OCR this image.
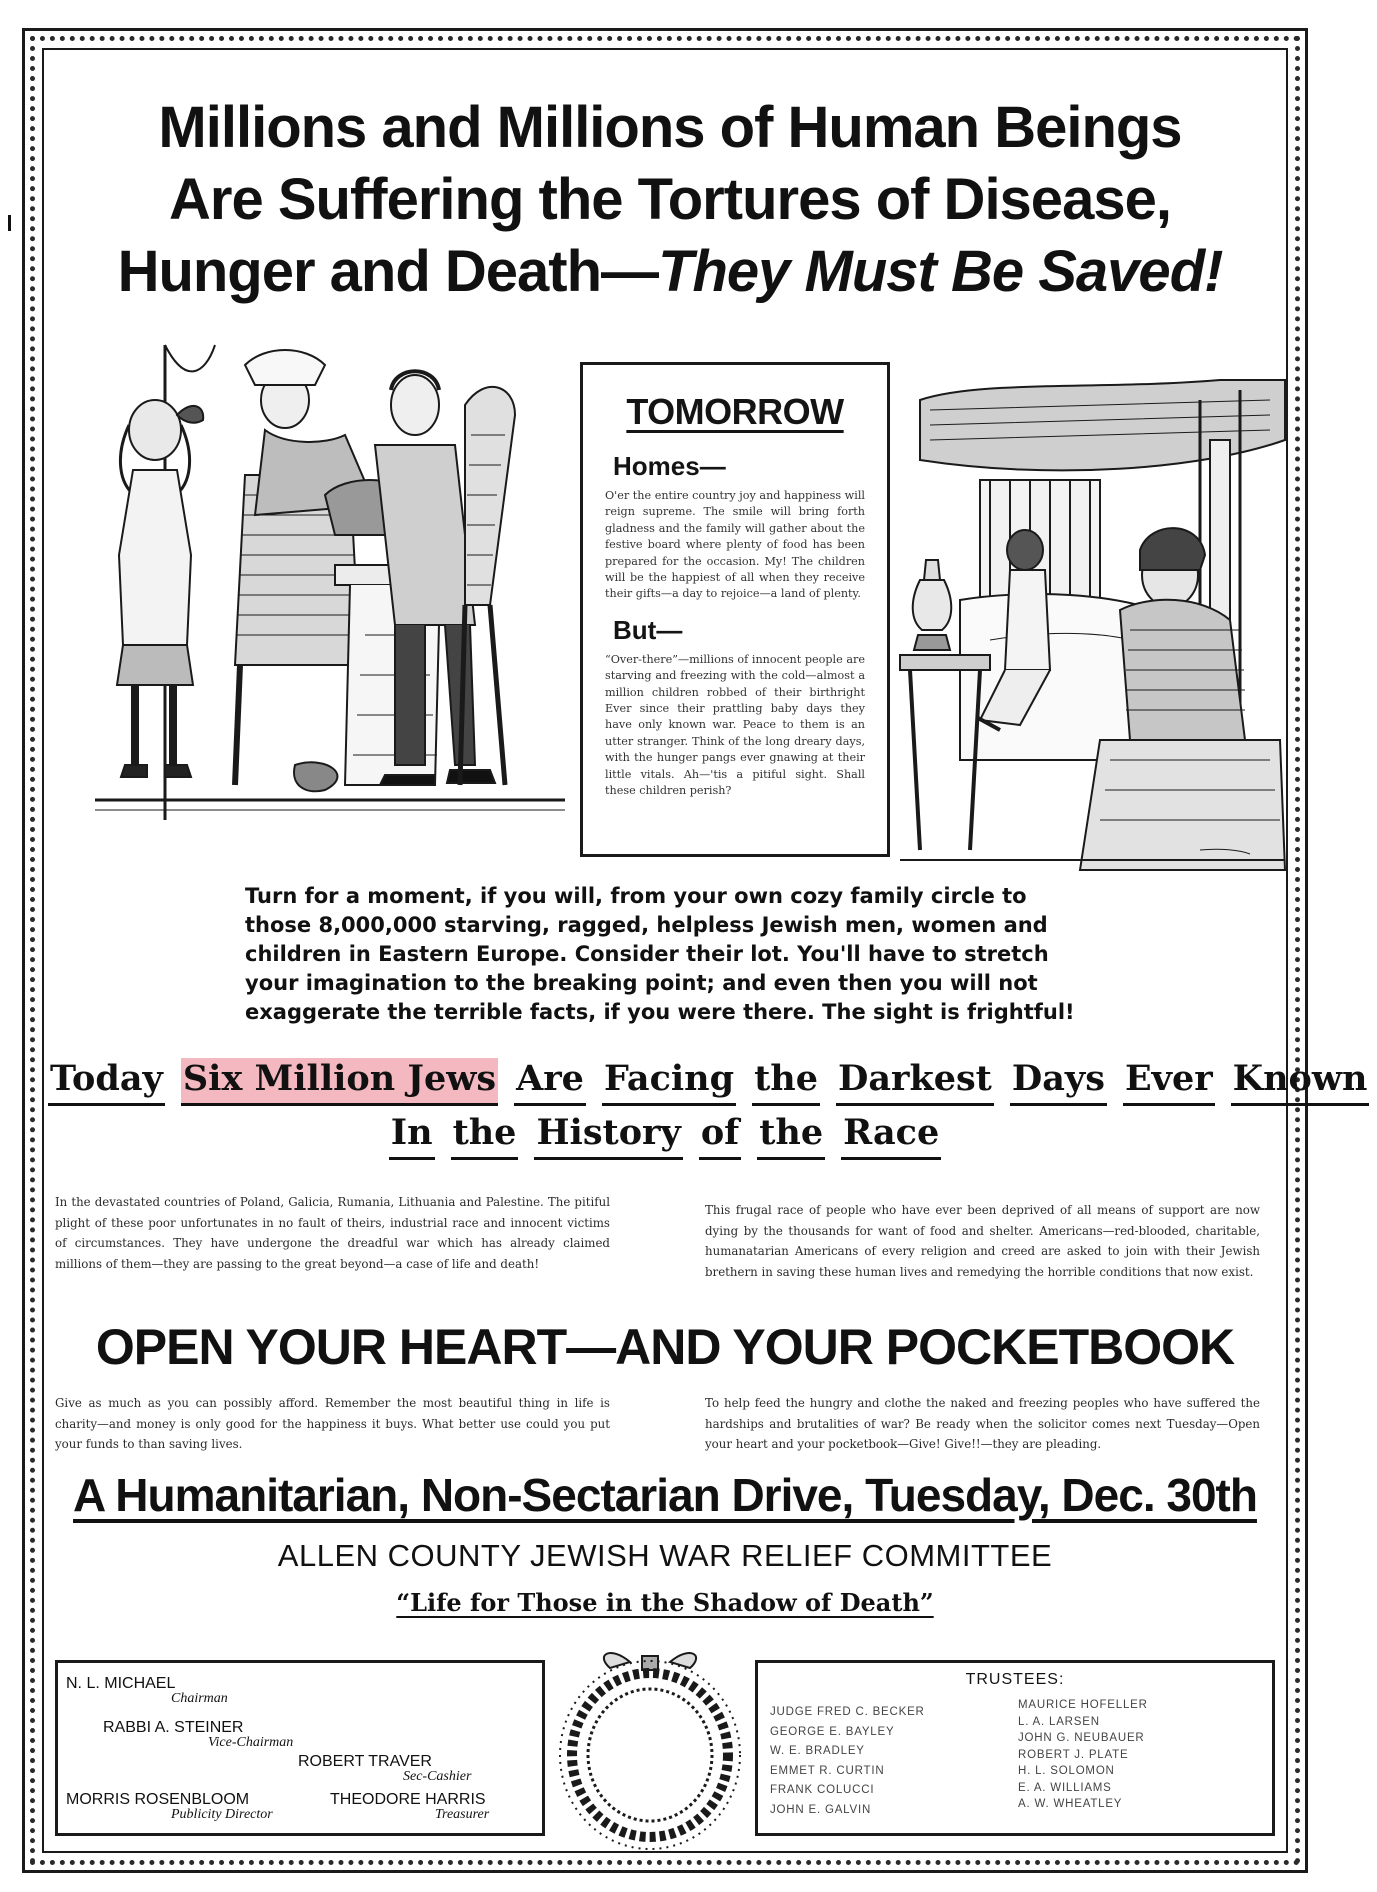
Millions and Millions of Human Beings
Are Suffering the Tortures of Disease,
Hunger and Death—They Must Be Saved!
TOMORROW
Homes—

O'er the entire country joy and happiness will reign supreme. The smile will bring forth gladness and the family will gather about the festive board where plenty of food has been prepared for the occasion. My! The children will be the happiest of all when they receive their gifts—a day to rejoice—a land of plenty.

But—

“Over-there”—millions of innocent people are starving and freezing with the cold—almost a million children robbed of their birthright Ever since their prattling baby days they have only known war. Peace to them is an utter stranger. Think of the long dreary days, with the hunger pangs ever gnawing at their little vitals. Ah—'tis a pitiful sight. Shall these children perish?

Turn for a moment, if you will, from your own cozy family circle to those 8,000,000 starving, ragged, helpless Jewish men, women and children in Eastern Europe. Consider their lot. You'll have to stretch your imagination to the breaking point; and even then you will not exaggerate the terrible facts, if you were there. The sight is frightful!

Today Six Million Jews Are Facing the Darkest Days Ever Known
In the History of the Race

In the devastated countries of Poland, Galicia, Rumania, Lithuania and Palestine. The pitiful plight of these poor unfortunates in no fault of theirs, industrial race and innocent victims of circumstances. They have undergone the dreadful war which has already claimed millions of them—they are passing to the great beyond—a case of life and death!

This frugal race of people who have ever been deprived of all means of support are now dying by the thousands for want of food and shelter. Americans—red-blooded, charitable, humanatarian Americans of every religion and creed are asked to join with their Jewish brethern in saving these human lives and remedying the horrible conditions that now exist.

OPEN YOUR HEART—AND YOUR POCKETBOOK

Give as much as you can possibly afford. Remember the most beautiful thing in life is charity—and money is only good for the happiness it buys. What better use could you put your funds to than saving lives.

To help feed the hungry and clothe the naked and freezing peoples who have suffered the hardships and brutalities of war? Be ready when the solicitor comes next Tuesday—Open your heart and your pocketbook—Give! Give!!—they are pleading.

A Humanitarian, Non-Sectarian Drive, Tuesday, Dec. 30th
ALLEN COUNTY JEWISH WAR RELIEF COMMITTEE
“Life for Those in the Shadow of Death”
N. L. MICHAEL
Chairman
RABBI A. STEINER
Vice-Chairman
ROBERT TRAVER
Sec-Cashier
MORRIS ROSENBLOOM
Publicity Director
THEODORE HARRIS
Treasurer
TRUSTEES:
JUDGE FRED C. BECKER
GEORGE E. BAYLEY
W. E. BRADLEY
EMMET R. CURTIN
FRANK COLUCCI
JOHN E. GALVIN
MAURICE HOFELLER
L. A. LARSEN
JOHN G. NEUBAUER
ROBERT J. PLATE
H. L. SOLOMON
E. A. WILLIAMS
A. W. WHEATLEY
